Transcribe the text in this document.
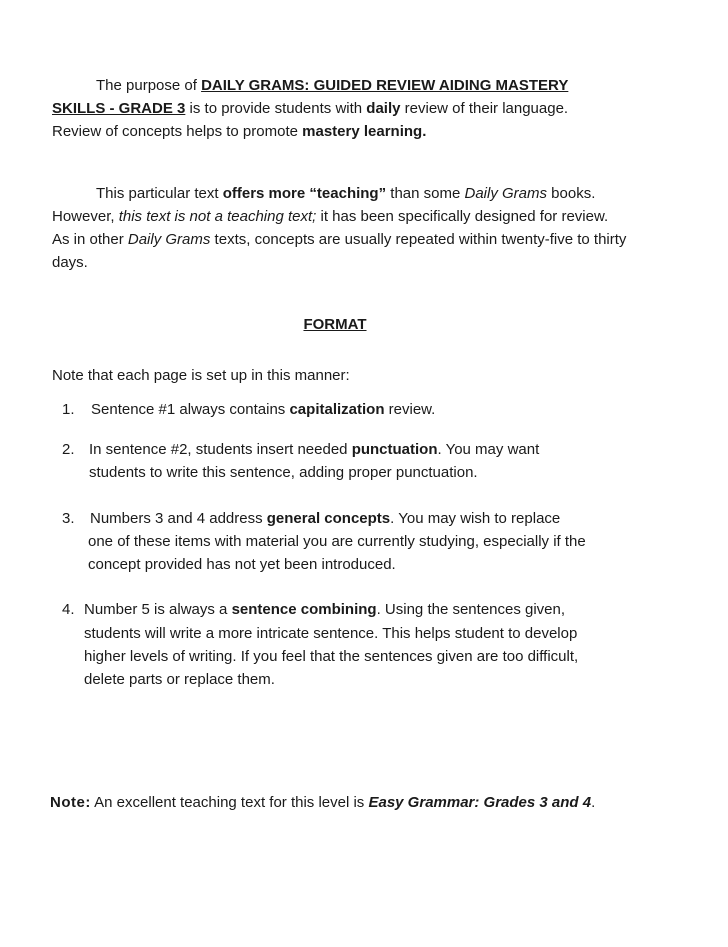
The purpose of DAILY GRAMS: GUIDED REVIEW AIDING MASTERY
SKILLS - GRADE 3 is to provide students with daily review of their language.
Review of concepts helps to promote mastery learning.
This particular text offers more “teaching” than some Daily Grams books.
However, this text is not a teaching text; it has been specifically designed for review.
As in other Daily Grams texts, concepts are usually repeated within twenty-five to thirty
days.
FORMAT
Note that each page is set up in this manner:
1. Sentence #1 always contains capitalization review.
2. In sentence #2, students insert needed punctuation. You may want
students to write this sentence, adding proper punctuation.
3. Numbers 3 and 4 address general concepts. You may wish to replace
one of these items with material you are currently studying, especially if the
concept provided has not yet been introduced.
4. Number 5 is always a sentence combining. Using the sentences given,
students will write a more intricate sentence. This helps student to develop
higher levels of writing. If you feel that the sentences given are too difficult,
delete parts or replace them.
Note: An excellent teaching text for this level is Easy Grammar: Grades 3 and 4.
